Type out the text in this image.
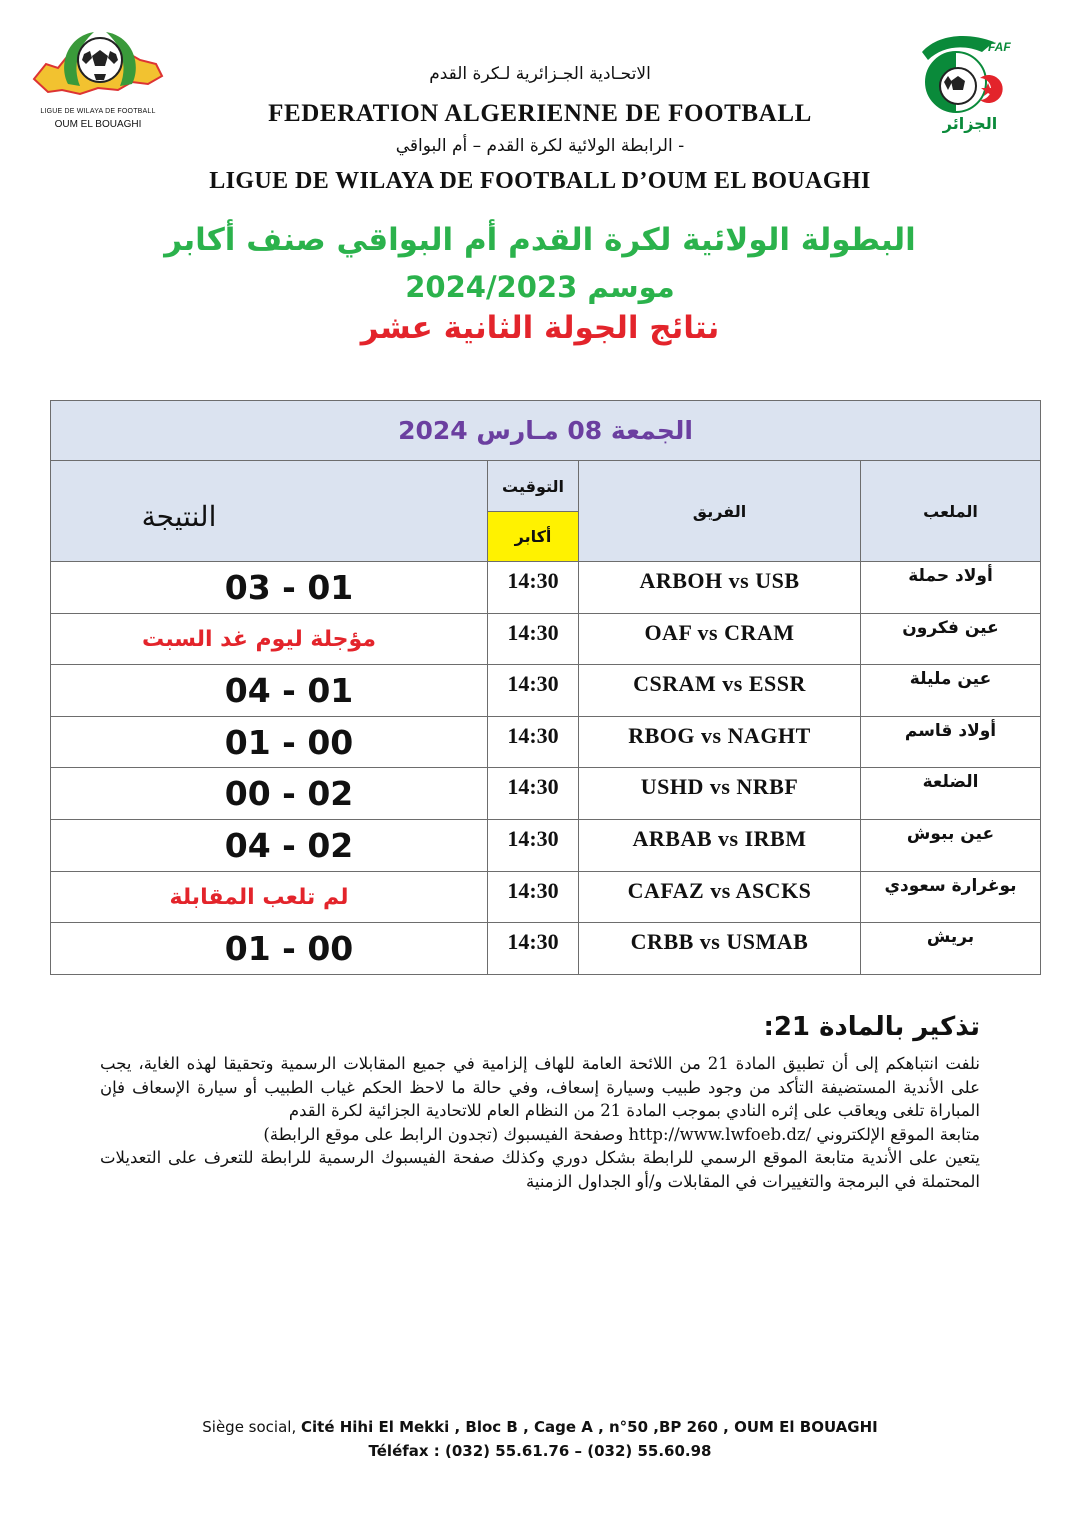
LIGUE DE WILAYA DE FOOTBALL
OUM EL BOUAGHI
FAF
الجزائر
الاتحـادية الجـزائرية لـكرة القدم
FEDERATION ALGERIENNE DE FOOTBALL
الرابطة الولائية لكرة القدم – أم البواقي -
LIGUE DE WILAYA DE FOOTBALL D’OUM EL BOUAGHI
البطولة الولائية لكرة القدم أم البواقي صنف أكابر
موسم 2024/2023
نتائج الجولة الثانية عشر
الجمعة 08 مـارس 2024
النتيجة
التوقيت
أكابر
الفريق	الملعب
03 - 01	14:30	ARBOH vs USB	أولاد حملة
مؤجلة ليوم غد السبت	14:30	OAF vs CRAM	عين فكرون
04 - 01	14:30	CSRAM vs ESSR	عين مليلة
01 - 00	14:30	RBOG vs NAGHT	أولاد قاسم
00 - 02	14:30	USHD vs NRBF	الضلعة
04 - 02	14:30	ARBAB vs IRBM	عين ببوش
لم تلعب المقابلة	14:30	CAFAZ vs ASCKS	بوغرارة سعودي
01 - 00	14:30	CRBB vs USMAB	بريش
تذكير بالمادة 21:

نلفت انتباهكم إلى أن تطبيق المادة 21 من اللائحة العامة للهاف إلزامية في جميع المقابلات الرسمية وتحقيقا لهذه الغاية، يجب على الأندية المستضيفة التأكد من وجود طبيب وسيارة إسعاف، وفي حالة ما لاحظ الحكم غياب الطبيب أو سيارة الإسعاف فإن المباراة تلغى ويعاقب على إثره النادي بموجب المادة 21 من النظام العام للاتحادية الجزائية لكرة القدم

متابعة الموقع الإلكتروني /http://www.lwfoeb.dz وصفحة الفيسبوك (تجدون الرابط على موقع الرابطة)

يتعين على الأندية متابعة الموقع الرسمي للرابطة بشكل دوري وكذلك صفحة الفيسبوك الرسمية للرابطة للتعرف على التعديلات المحتملة في البرمجة والتغييرات في المقابلات و/أو الجداول الزمنية

Siège social, Cité Hihi El Mekki , Bloc B , Cage A , n°50 ,BP 260 , OUM El BOUAGHI
Téléfax : (032) 55.61.76 – (032) 55.60.98
